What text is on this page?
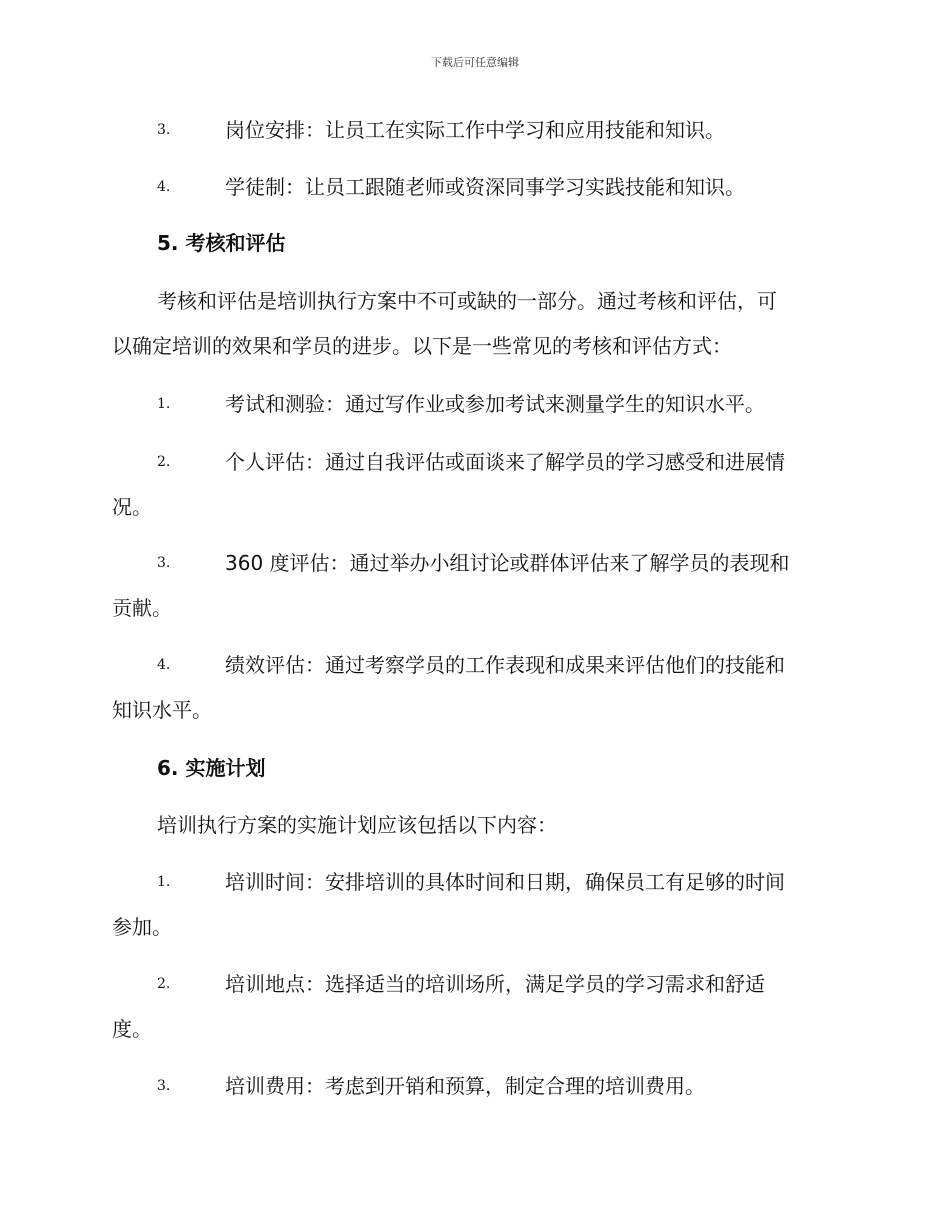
下载后可任意编辑
3.	岗位安排：让员工在实际工作中学习和应用技能和知识。
4.	学徒制：让员工跟随老师或资深同事学习实践技能和知识。
5. 考核和评估
考核和评估是培训执行方案中不可或缺的一部分。通过考核和评估，可
以确定培训的效果和学员的进步。以下是一些常见的考核和评估方式：
1.	考试和测验：通过写作业或参加考试来测量学生的知识水平。
2.	个人评估：通过自我评估或面谈来了解学员的学习感受和进展情
况。
3.	360 度评估：通过举办小组讨论或群体评估来了解学员的表现和
贡献。
4.	绩效评估：通过考察学员的工作表现和成果来评估他们的技能和
知识水平。
6. 实施计划
培训执行方案的实施计划应该包括以下内容：
1.	培训时间：安排培训的具体时间和日期，确保员工有足够的时间
参加。
2.	培训地点：选择适当的培训场所，满足学员的学习需求和舒适
度。
3.	培训费用：考虑到开销和预算，制定合理的培训费用。
